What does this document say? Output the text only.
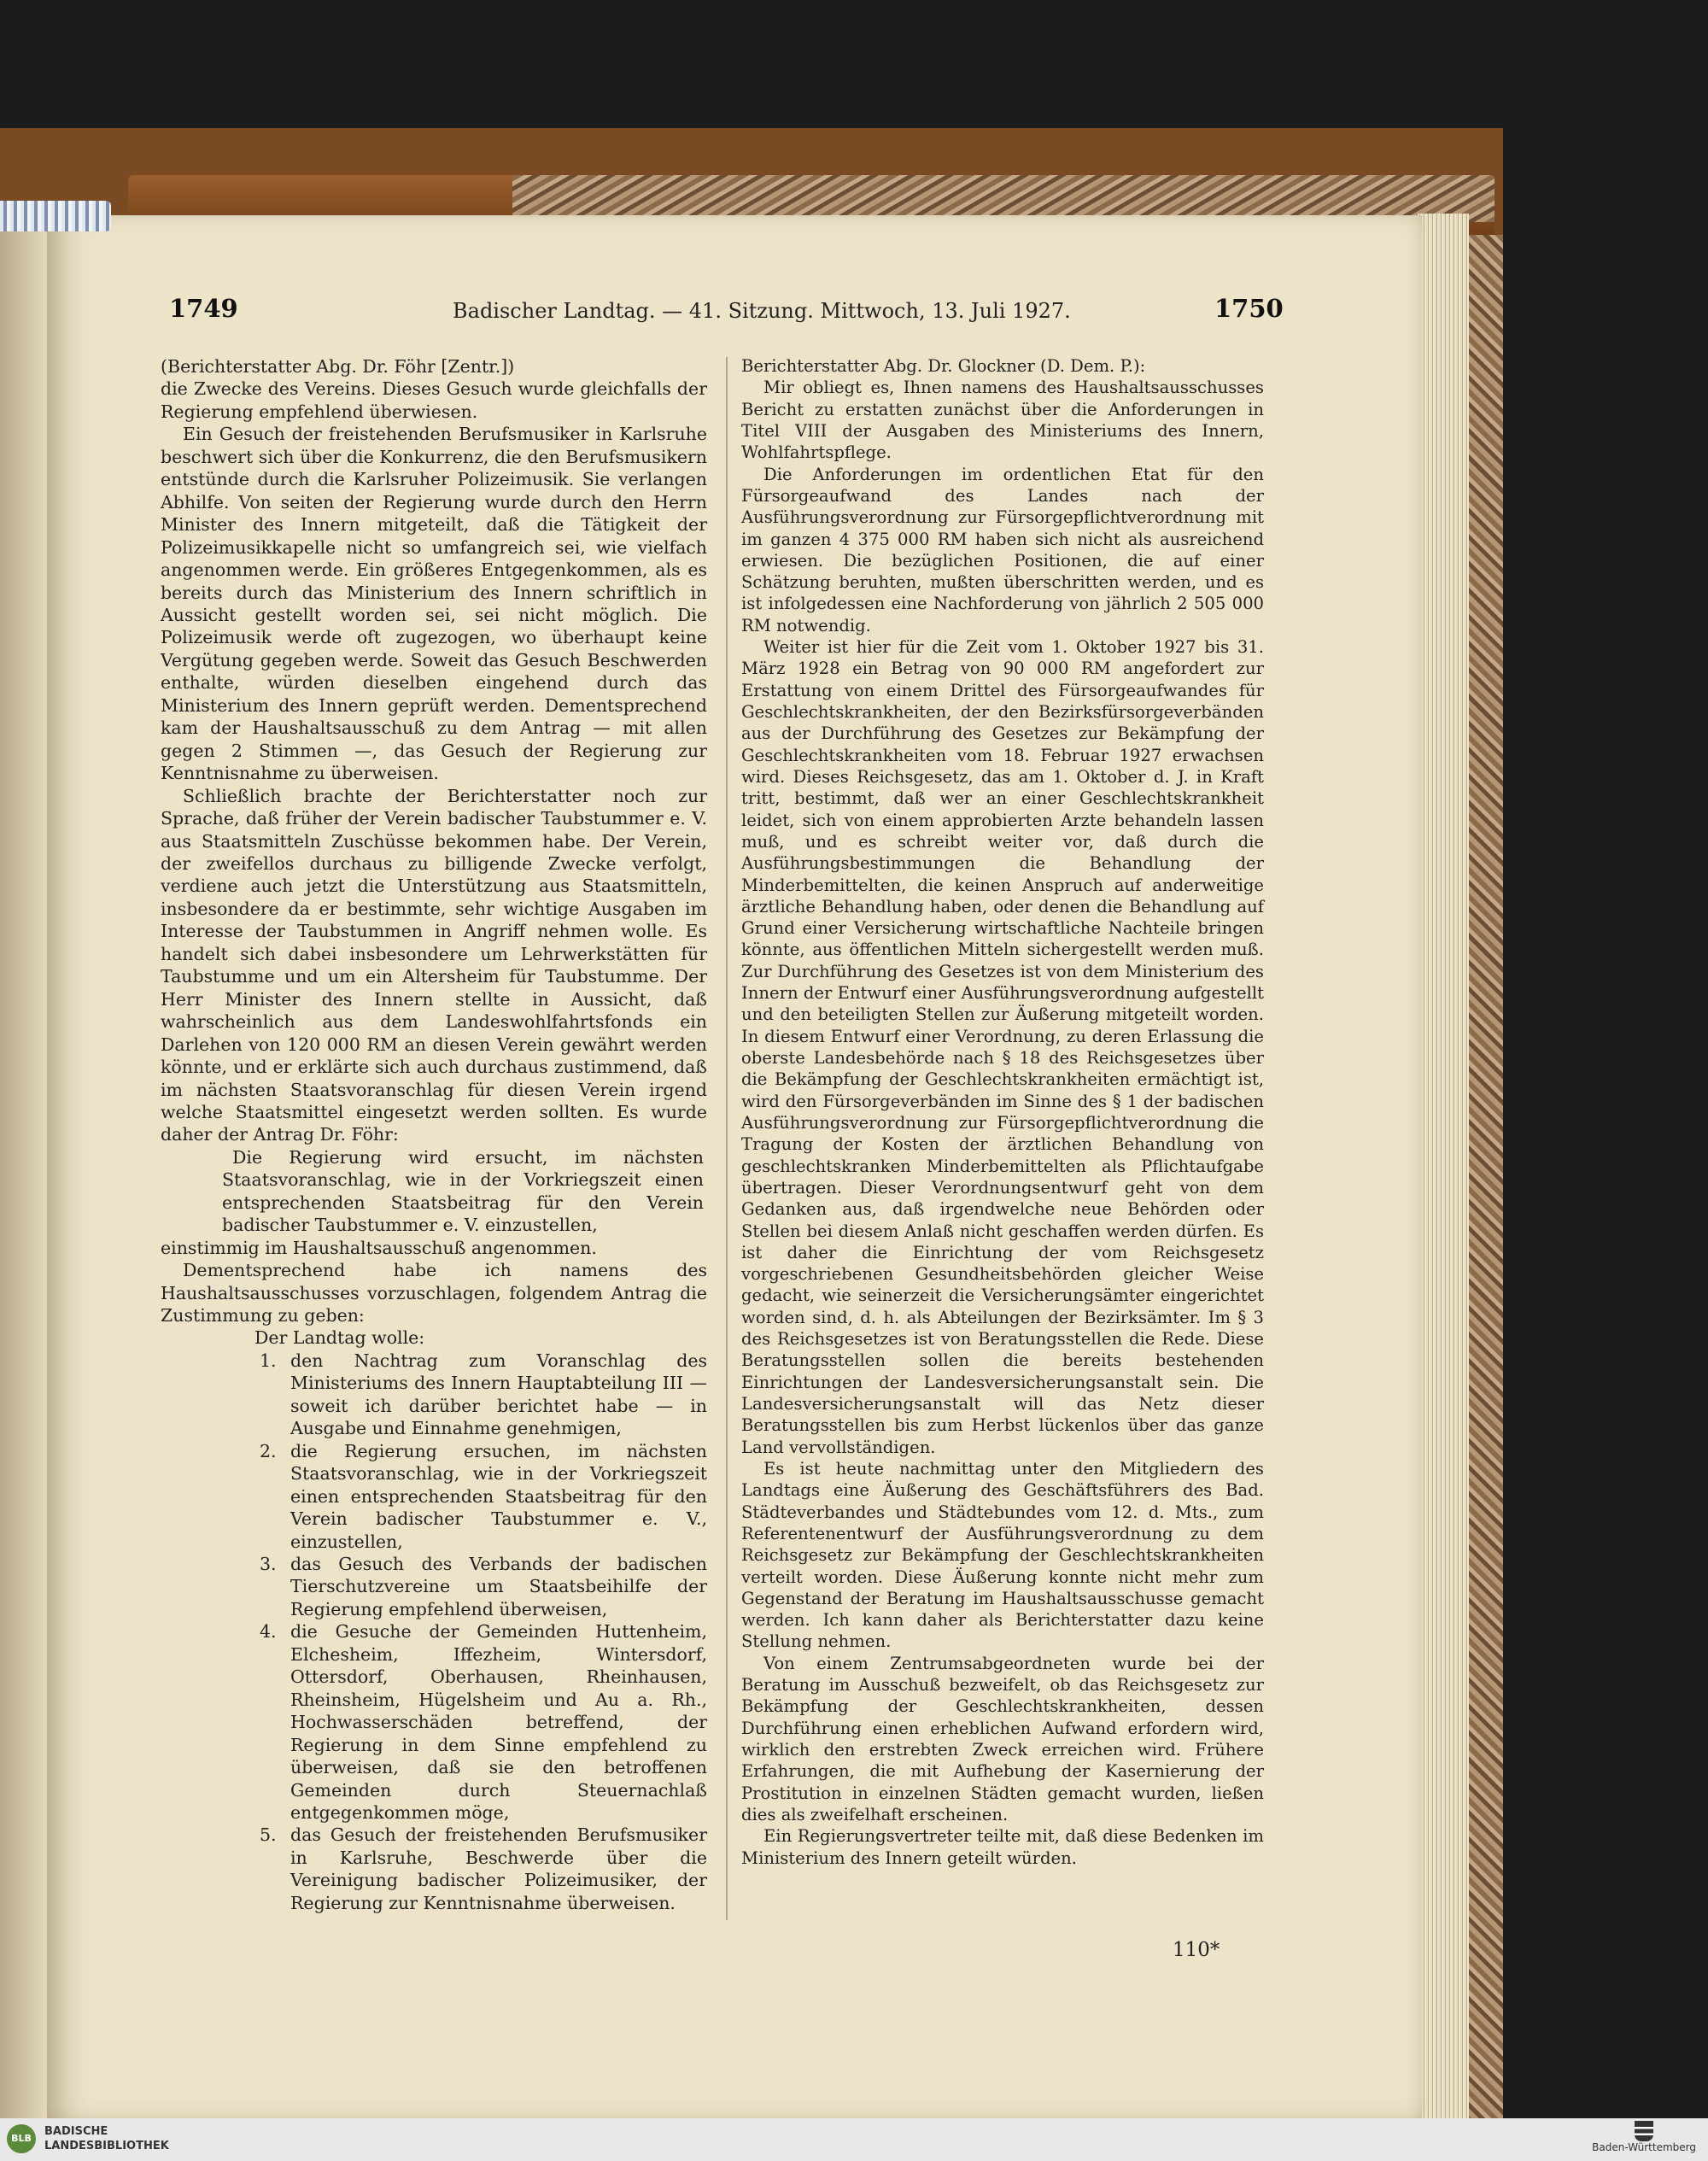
1749	Badischer Landtag. — 41. Sitzung. Mittwoch, 13. Juli 1927.	1750

(Berichterstatter Abg. Dr. Föhr [Zentr.])

die Zwecke des Vereins. Dieses Gesuch wurde gleichfalls der Regierung empfehlend überwiesen.

Ein Gesuch der freistehenden Berufsmusiker in Karlsruhe beschwert sich über die Konkurrenz, die den Berufsmusikern entstünde durch die Karlsruher Polizeimusik. Sie verlangen Abhilfe. Von seiten der Regierung wurde durch den Herrn Minister des Innern mitgeteilt, daß die Tätigkeit der Polizeimusikkapelle nicht so umfangreich sei, wie vielfach angenommen werde. Ein größeres Entgegenkommen, als es bereits durch das Ministerium des Innern schriftlich in Aussicht gestellt worden sei, sei nicht möglich. Die Polizeimusik werde oft zugezogen, wo überhaupt keine Vergütung gegeben werde. Soweit das Gesuch Beschwerden enthalte, würden dieselben eingehend durch das Ministerium des Innern geprüft werden. Dementsprechend kam der Haushaltsausschuß zu dem Antrag — mit allen gegen 2 Stimmen —, das Gesuch der Regierung zur Kenntnisnahme zu überweisen.

Schließlich brachte der Berichterstatter noch zur Sprache, daß früher der Verein badischer Taubstummer e. V. aus Staatsmitteln Zuschüsse bekommen habe. Der Verein, der zweifellos durchaus zu billigende Zwecke verfolgt, verdiene auch jetzt die Unterstützung aus Staatsmitteln, insbesondere da er bestimmte, sehr wichtige Ausgaben im Interesse der Taubstummen in Angriff nehmen wolle. Es handelt sich dabei insbesondere um Lehrwerkstätten für Taubstumme und um ein Altersheim für Taubstumme. Der Herr Minister des Innern stellte in Aussicht, daß wahrscheinlich aus dem Landeswohlfahrtsfonds ein Darlehen von 120 000 RM an diesen Verein gewährt werden könnte, und er erklärte sich auch durchaus zustimmend, daß im nächsten Staatsvoranschlag für diesen Verein irgend welche Staatsmittel eingesetzt werden sollten. Es wurde daher der Antrag Dr. Föhr:

Die Regierung wird ersucht, im nächsten Staatsvoranschlag, wie in der Vorkriegszeit einen entsprechenden Staatsbeitrag für den Verein badischer Taubstummer e. V. einzustellen,

einstimmig im Haushaltsausschuß angenommen.

Dementsprechend habe ich namens des Haushaltsausschusses vorzuschlagen, folgendem Antrag die Zustimmung zu geben:

Der Landtag wolle:

1. den Nachtrag zum Voranschlag des Ministeriums des Innern Hauptabteilung III — soweit ich darüber berichtet habe — in Ausgabe und Einnahme genehmigen,

2. die Regierung ersuchen, im nächsten Staatsvoranschlag, wie in der Vorkriegszeit einen entsprechenden Staatsbeitrag für den Verein badischer Taubstummer e. V., einzustellen,

3. das Gesuch des Verbands der badischen Tierschutzvereine um Staatsbeihilfe der Regierung empfehlend überweisen,

4. die Gesuche der Gemeinden Huttenheim, Elchesheim, Iffezheim, Wintersdorf, Ottersdorf, Oberhausen, Rheinhausen, Rheinsheim, Hügelsheim und Au a. Rh., Hochwasserschäden betreffend, der Regierung in dem Sinne empfehlend zu überweisen, daß sie den betroffenen Gemeinden durch Steuernachlaß entgegenkommen möge,

5. das Gesuch der freistehenden Berufsmusiker in Karlsruhe, Beschwerde über die Vereinigung badischer Polizeimusiker, der Regierung zur Kenntnisnahme überweisen.

Berichterstatter Abg. Dr. Glockner (D. Dem. P.):

Mir obliegt es, Ihnen namens des Haushaltsausschusses Bericht zu erstatten zunächst über die Anforderungen in Titel VIII der Ausgaben des Ministeriums des Innern, Wohlfahrtspflege.

Die Anforderungen im ordentlichen Etat für den Fürsorgeaufwand des Landes nach der Ausführungsverordnung zur Fürsorgepflichtverordnung mit im ganzen 4 375 000 RM haben sich nicht als ausreichend erwiesen. Die bezüglichen Positionen, die auf einer Schätzung beruhten, mußten überschritten werden, und es ist infolgedessen eine Nachforderung von jährlich 2 505 000 RM notwendig.

Weiter ist hier für die Zeit vom 1. Oktober 1927 bis 31. März 1928 ein Betrag von 90 000 RM angefordert zur Erstattung von einem Drittel des Fürsorgeaufwandes für Geschlechtskrankheiten, der den Bezirksfürsorgeverbänden aus der Durchführung des Gesetzes zur Bekämpfung der Geschlechtskrankheiten vom 18. Februar 1927 erwachsen wird. Dieses Reichsgesetz, das am 1. Oktober d. J. in Kraft tritt, bestimmt, daß wer an einer Geschlechtskrankheit leidet, sich von einem approbierten Arzte behandeln lassen muß, und es schreibt weiter vor, daß durch die Ausführungsbestimmungen die Behandlung der Minderbemittelten, die keinen Anspruch auf anderweitige ärztliche Behandlung haben, oder denen die Behandlung auf Grund einer Versicherung wirtschaftliche Nachteile bringen könnte, aus öffentlichen Mitteln sichergestellt werden muß. Zur Durchführung des Gesetzes ist von dem Ministerium des Innern der Entwurf einer Ausführungsverordnung aufgestellt und den beteiligten Stellen zur Äußerung mitgeteilt worden. In diesem Entwurf einer Verordnung, zu deren Erlassung die oberste Landesbehörde nach § 18 des Reichsgesetzes über die Bekämpfung der Geschlechtskrankheiten ermächtigt ist, wird den Fürsorgeverbänden im Sinne des § 1 der badischen Ausführungsverordnung zur Fürsorgepflichtverordnung die Tragung der Kosten der ärztlichen Behandlung von geschlechtskranken Minderbemittelten als Pflichtaufgabe übertragen. Dieser Verordnungsentwurf geht von dem Gedanken aus, daß irgendwelche neue Behörden oder Stellen bei diesem Anlaß nicht geschaffen werden dürfen. Es ist daher die Einrichtung der vom Reichsgesetz vorgeschriebenen Gesundheitsbehörden gleicher Weise gedacht, wie seinerzeit die Versicherungsämter eingerichtet worden sind, d. h. als Abteilungen der Bezirksämter. Im § 3 des Reichsgesetzes ist von Beratungsstellen die Rede. Diese Beratungsstellen sollen die bereits bestehenden Einrichtungen der Landesversicherungsanstalt sein. Die Landesversicherungsanstalt will das Netz dieser Beratungsstellen bis zum Herbst lückenlos über das ganze Land vervollständigen.

Es ist heute nachmittag unter den Mitgliedern des Landtags eine Äußerung des Geschäftsführers des Bad. Städteverbandes und Städtebundes vom 12. d. Mts., zum Referentenentwurf der Ausführungsverordnung zu dem Reichsgesetz zur Bekämpfung der Geschlechtskrankheiten verteilt worden. Diese Äußerung konnte nicht mehr zum Gegenstand der Beratung im Haushaltsausschusse gemacht werden. Ich kann daher als Berichterstatter dazu keine Stellung nehmen.

Von einem Zentrumsabgeordneten wurde bei der Beratung im Ausschuß bezweifelt, ob das Reichsgesetz zur Bekämpfung der Geschlechtskrankheiten, dessen Durchführung einen erheblichen Aufwand erfordern wird, wirklich den erstrebten Zweck erreichen wird. Frühere Erfahrungen, die mit Aufhebung der Kasernierung der Prostitution in einzelnen Städten gemacht wurden, ließen dies als zweifelhaft erscheinen.

Ein Regierungsvertreter teilte mit, daß diese Bedenken im Ministerium des Innern geteilt würden.

110*
BLB
BADISCHE
LANDESBIBLIOTHEK	Baden-Württemberg
